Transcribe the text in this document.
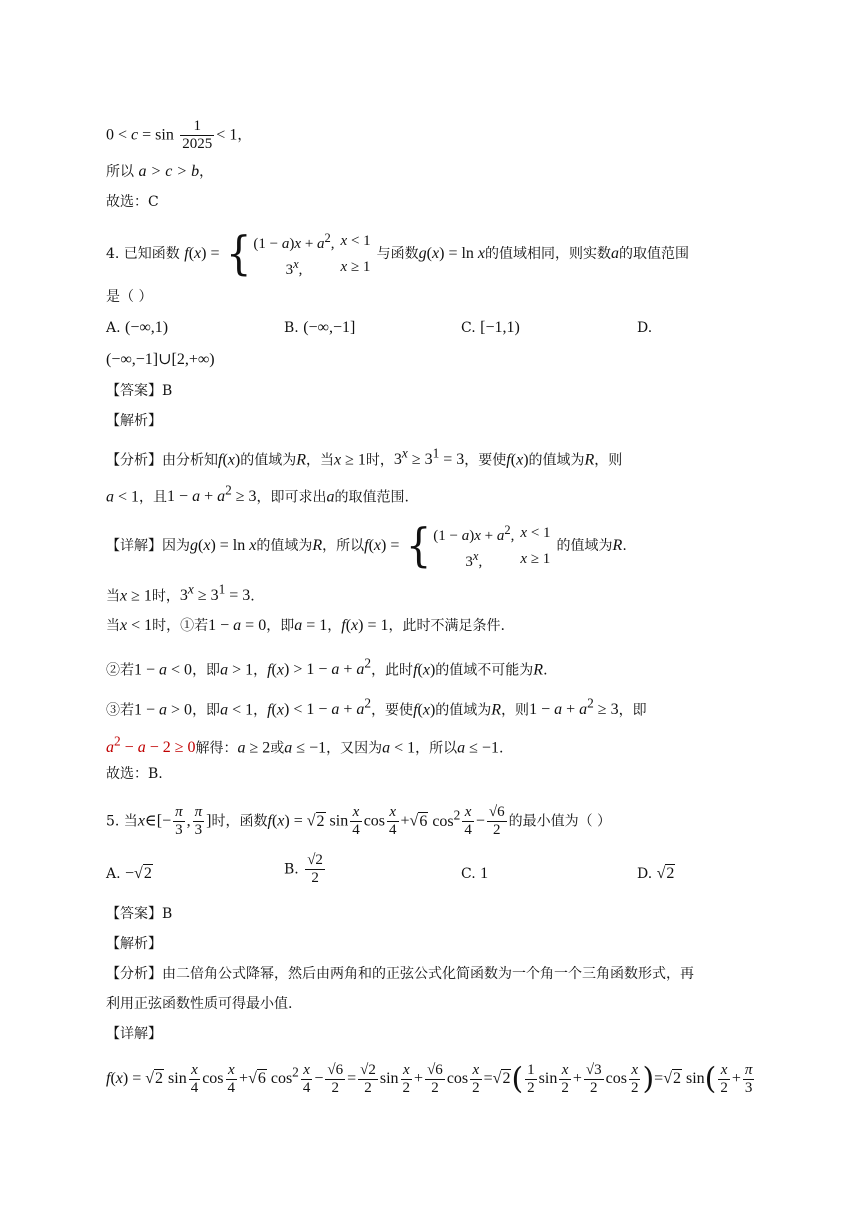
$0 < c = \sin \frac{1}{2025} < 1$，
所以 a > c > b，
故选：C
4. 已知函数 f(x) = { $(1 - a)x + a^2$,	x < 1
3$^x$,	x ≥ 1
与函数g(x) = ln x的值域相同，则实数a的取值范围
是（ ）
A. (−∞,1)	B. (−∞,−1]	C. [−1,1)	D.
(−∞,−1]∪[2,+∞)
【答案】B
【解析】
【分析】由分析知f(x)的值域为R，当x ≥ 1时，$3^x \ge 3^1 = 3$，要使f(x)的值域为R，则
a < 1，且$1 - a + a^2 \ge 3$，即可求出a的取值范围.
【详解】因为g(x) = ln x的值域为R，所以f(x) = { $(1 - a)x + a^2$,	x < 1
3$^x$,	x ≥ 1
的值域为R.
当x ≥ 1时，$3^x \ge 3^1 = 3$.
当x < 1时，①若1 − a = 0，即a = 1，f(x) = 1，此时不满足条件.
②若1 − a < 0，即a > 1，$f(x) > 1 - a + a^2$，此时f(x)的值域不可能为R.
③若1 − a > 0，即a < 1，$f(x) < 1 - a + a^2$，要使f(x)的值域为R，则$1 - a + a^2 \ge 3$，即
$a^2 - a - 2 \ge 0$解得：a ≥ 2或a ≤ −1，又因为a < 1，所以a ≤ −1.
故选：B.
5. 当x∈[− $\frac{\pi}{3}$ , $\frac{\pi}{3}$ ]时，函数f(x) = √2 $\sin \frac{x}{4}$ $\cos \frac{x}{4} +√6$ $\cos^2 \frac{x}{4} - \frac{√6}{2}$ 的最小值为（ ）
A. −√2	B. $\frac{√2}{2}$	C. 1	D. √2
【答案】B
【解析】
【分析】由二倍角公式降幂，然后由两角和的正弦公式化简函数为一个角一个三角函数形式，再
利用正弦函数性质可得最小值.
【详解】
f(x) = √2 $\sin \frac{x}{4}$ $\cos \frac{x}{4} +√6$ $\cos^2 \frac{x}{4} - \frac{√6}{2} = \frac{√2}{2}$ $\sin \frac{x}{2} + \frac{√6}{2}$ $\cos \frac{x}{2} =√2( \frac{1}{2}$ $\sin \frac{x}{2} + \frac{√3}{2}$ $\cos \frac{x}{2} )=√2$ $\sin( \frac{x}{2} + \frac{\pi}{3}$
